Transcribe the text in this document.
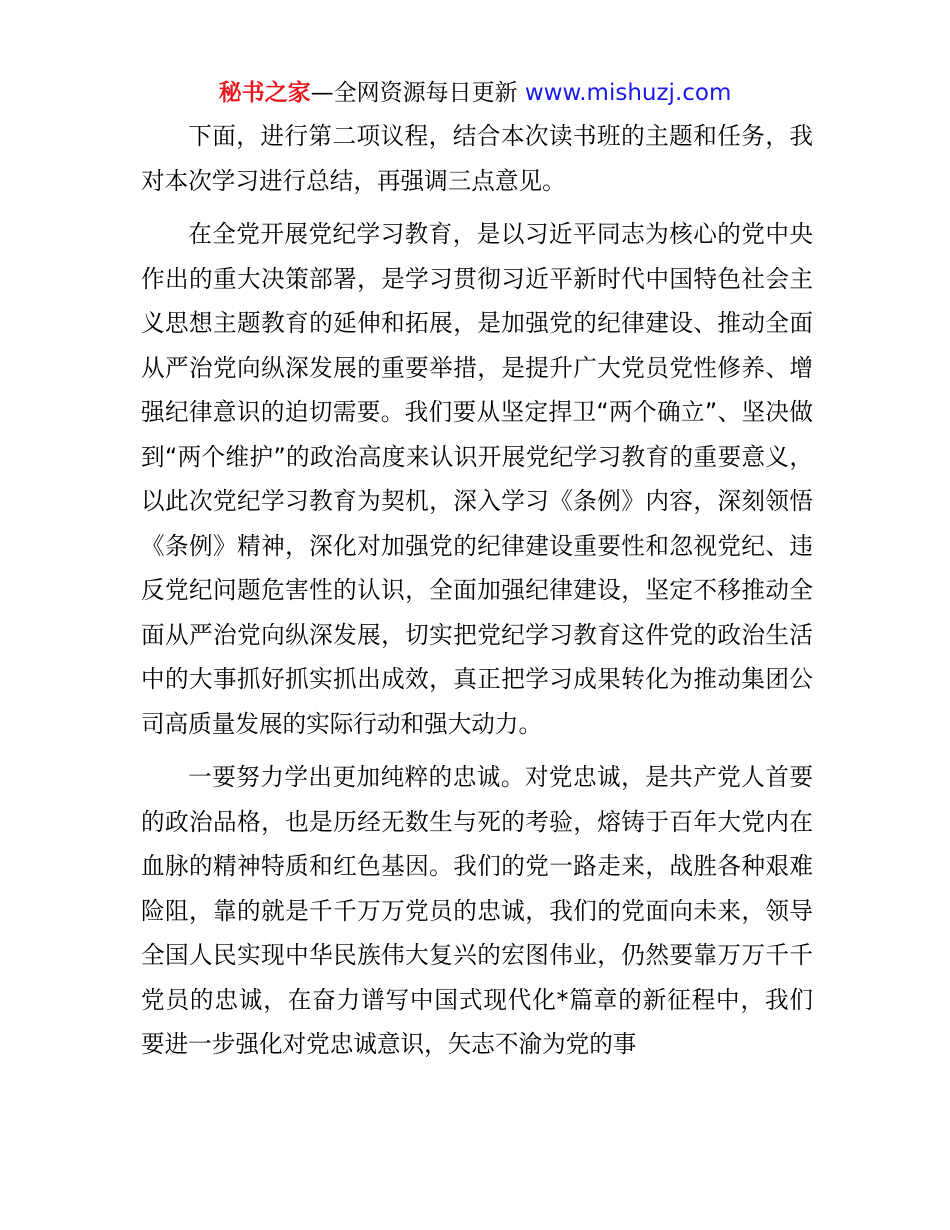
秘书之家—全网资源每日更新 www.mishuzj.com

下面，进行第二项议程，结合本次读书班的主题和任务，我对本次学习进行总结，再强调三点意见。

在全党开展党纪学习教育，是以习近平同志为核心的党中央作出的重大决策部署，是学习贯彻习近平新时代中国特色社会主义思想主题教育的延伸和拓展，是加强党的纪律建设、推动全面从严治党向纵深发展的重要举措，是提升广大党员党性修养、增强纪律意识的迫切需要。我们要从坚定捍卫“两个确立”、坚决做到“两个维护”的政治高度来认识开展党纪学习教育的重要意义，以此次党纪学习教育为契机，深入学习《条例》内容，深刻领悟《条例》精神，深化对加强党的纪律建设重要性和忽视党纪、违反党纪问题危害性的认识，全面加强纪律建设，坚定不移推动全面从严治党向纵深发展，切实把党纪学习教育这件党的政治生活中的大事抓好抓实抓出成效，真正把学习成果转化为推动集团公司高质量发展的实际行动和强大动力。

一要努力学出更加纯粹的忠诚。对党忠诚，是共产党人首要的政治品格，也是历经无数生与死的考验，熔铸于百年大党内在血脉的精神特质和红色基因。我们的党一路走来，战胜各种艰难险阻，靠的就是千千万万党员的忠诚，我们的党面向未来，领导全国人民实现中华民族伟大复兴的宏图伟业，仍然要靠万万千千党员的忠诚，在奋力谱写中国式现代化*篇章的新征程中，我们要进一步强化对党忠诚意识，矢志不渝为党的事
